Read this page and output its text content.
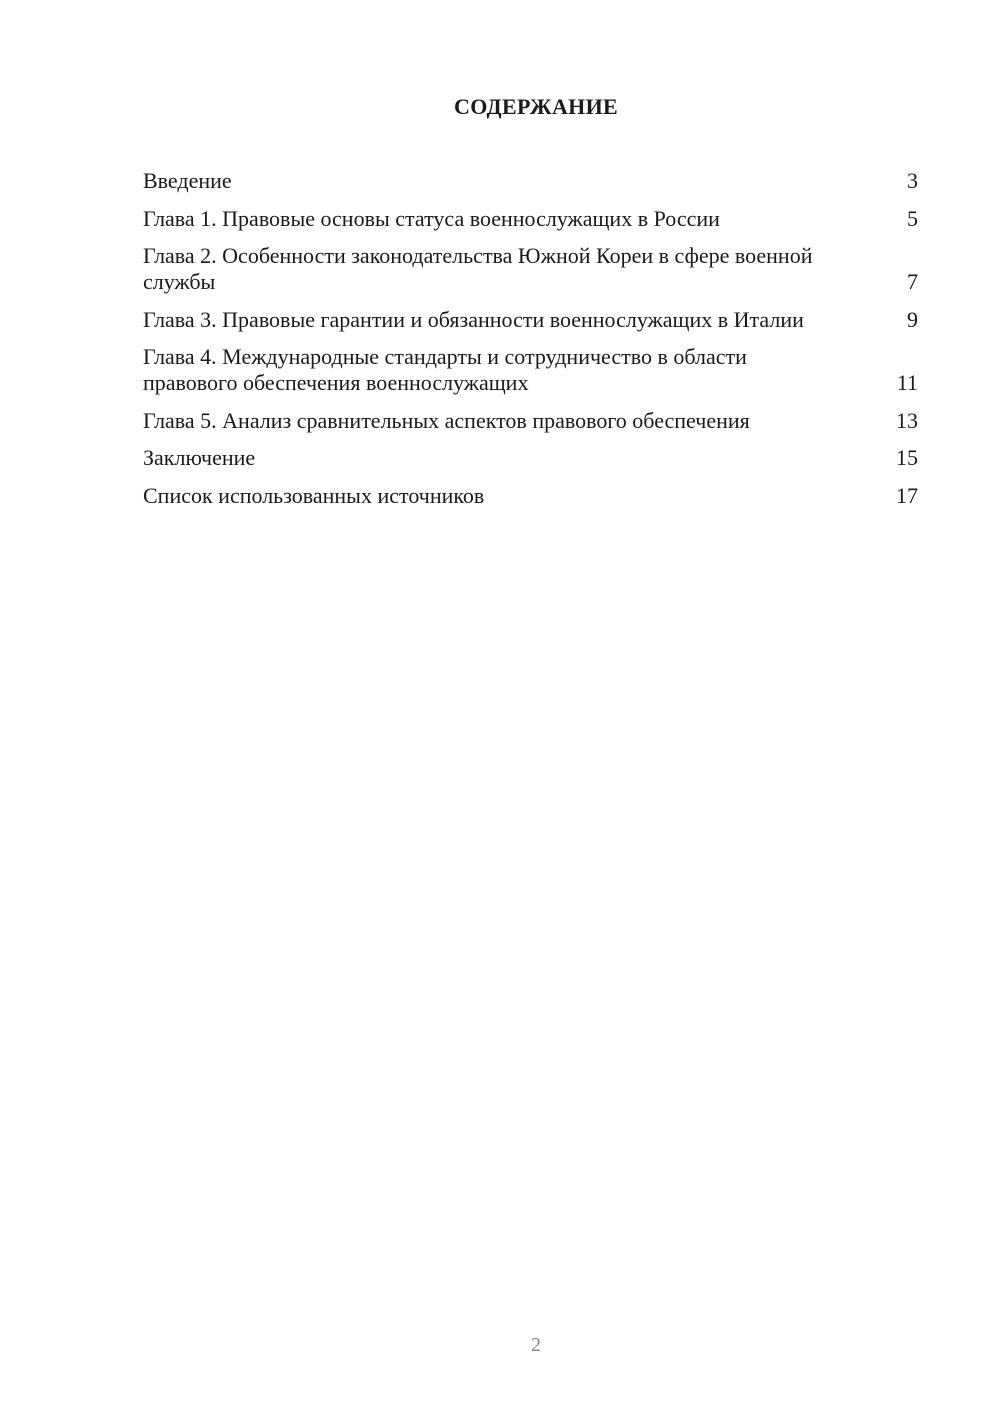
СОДЕРЖАНИЕ
Введение	3
Глава 1. Правовые основы статуса военнослужащих в России	5
Глава 2. Особенности законодательства Южной Кореи в сфере военной службы	7
Глава 3. Правовые гарантии и обязанности военнослужащих в Италии	9
Глава 4. Международные стандарты и сотрудничество в области правового обеспечения военнослужащих	11
Глава 5. Анализ сравнительных аспектов правового обеспечения	13
Заключение	15
Список использованных источников	17
2
